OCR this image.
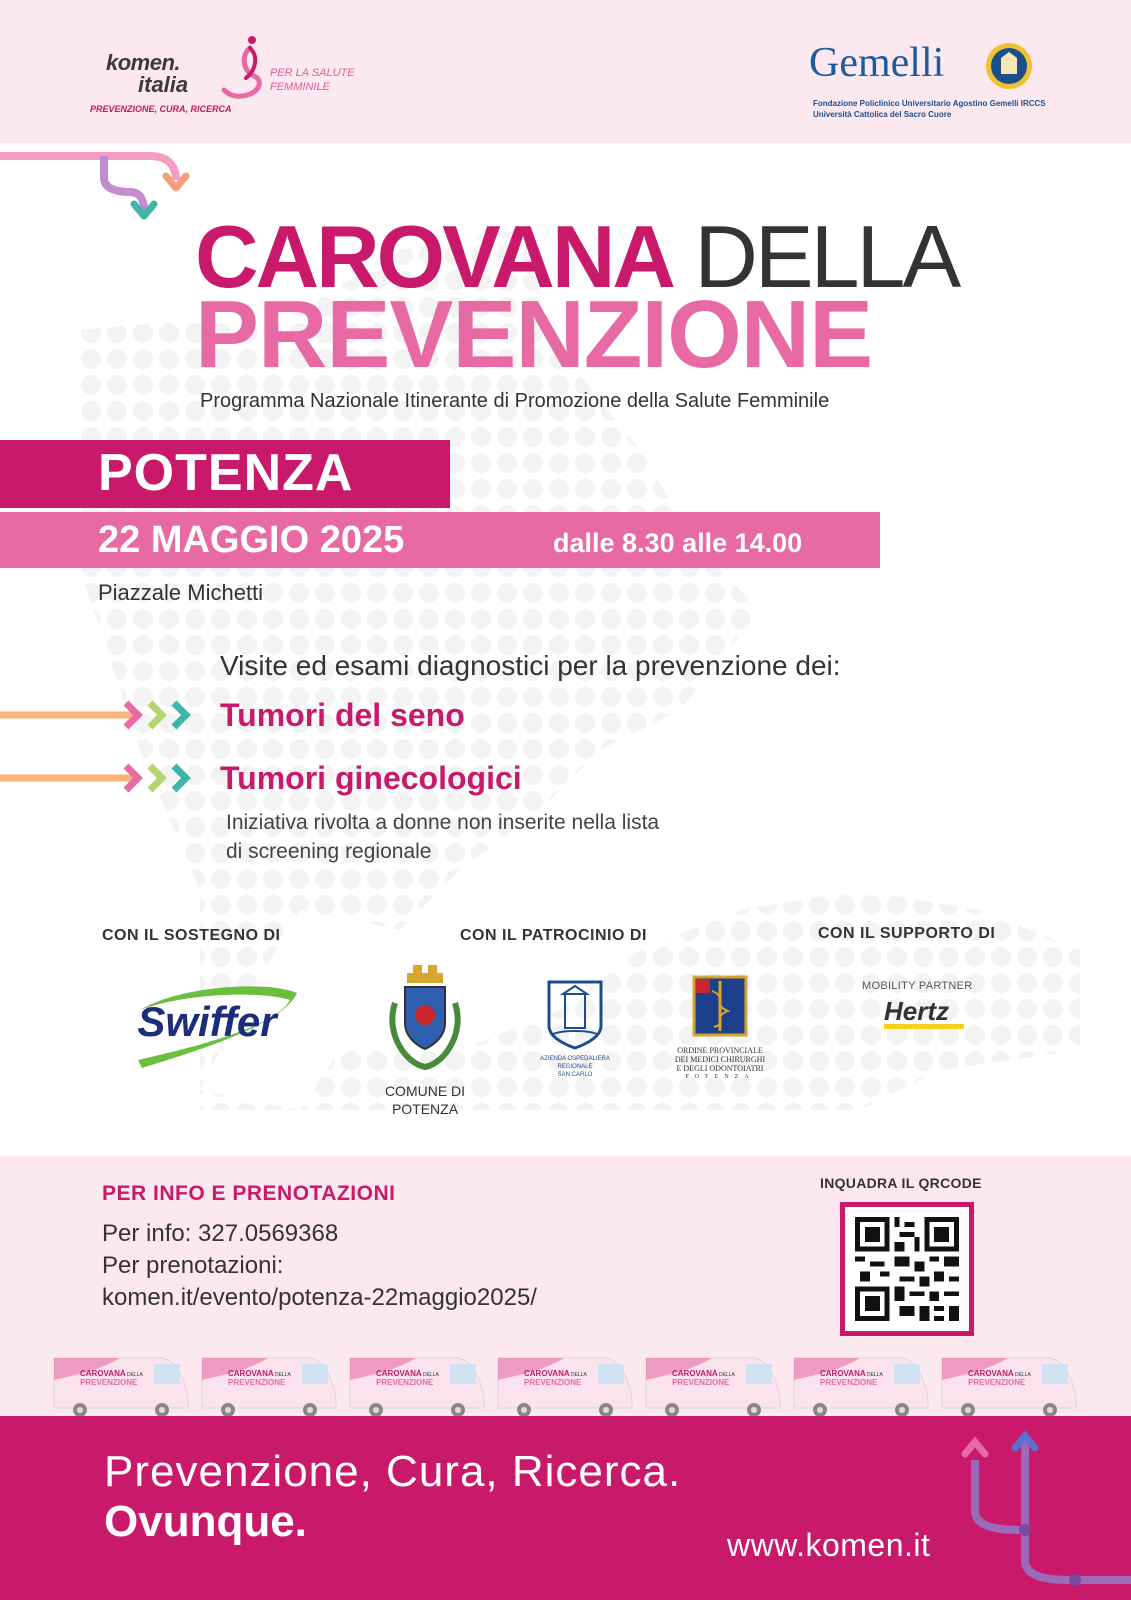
komen.
italia
PREVENZIONE, CURA, RICERCA
PER LA SALUTE FEMMINILE
Gemelli
Fondazione Policlinico Universitario Agostino Gemelli IRCCS
Università Cattolica del Sacro Cuore
CAROVANA DELLA
PREVENZIONE
Programma Nazionale Itinerante di Promozione della Salute Femminile
POTENZA
22 MAGGIO 2025	dalle 8.30 alle 14.00
Piazzale Michetti
Visite ed esami diagnostici per la prevenzione dei:
Tumori del seno
Tumori ginecologici
Iniziativa rivolta a donne non inserite nella lista
di screening regionale
CON IL SOSTEGNO DI	CON IL PATROCINIO DI	CON IL SUPPORTO DI
Swiffer
COMUNE DI
POTENZA
AZIENDA OSPEDALIERA REGIONALE
SAN CARLO
ORDINE PROVINCIALE
DEI MEDICI CHIRURGHI
E DEGLI ODONTOIATRI
POTENZA
MOBILITY PARTNER
Hertz
PER INFO E PRENOTAZIONI
Per info: 327.0569368
Per prenotazioni:
komen.it/evento/potenza-22maggio2025/
INQUADRA IL QRCODE
CAROVANA DELLA
PREVENZIONE
CAROVANA DELLA
PREVENZIONE
CAROVANA DELLA
PREVENZIONE
CAROVANA DELLA
PREVENZIONE
CAROVANA DELLA
PREVENZIONE
CAROVANA DELLA
PREVENZIONE
CAROVANA DELLA
PREVENZIONE
Prevenzione, Cura, Ricerca.
Ovunque.	www.komen.it
